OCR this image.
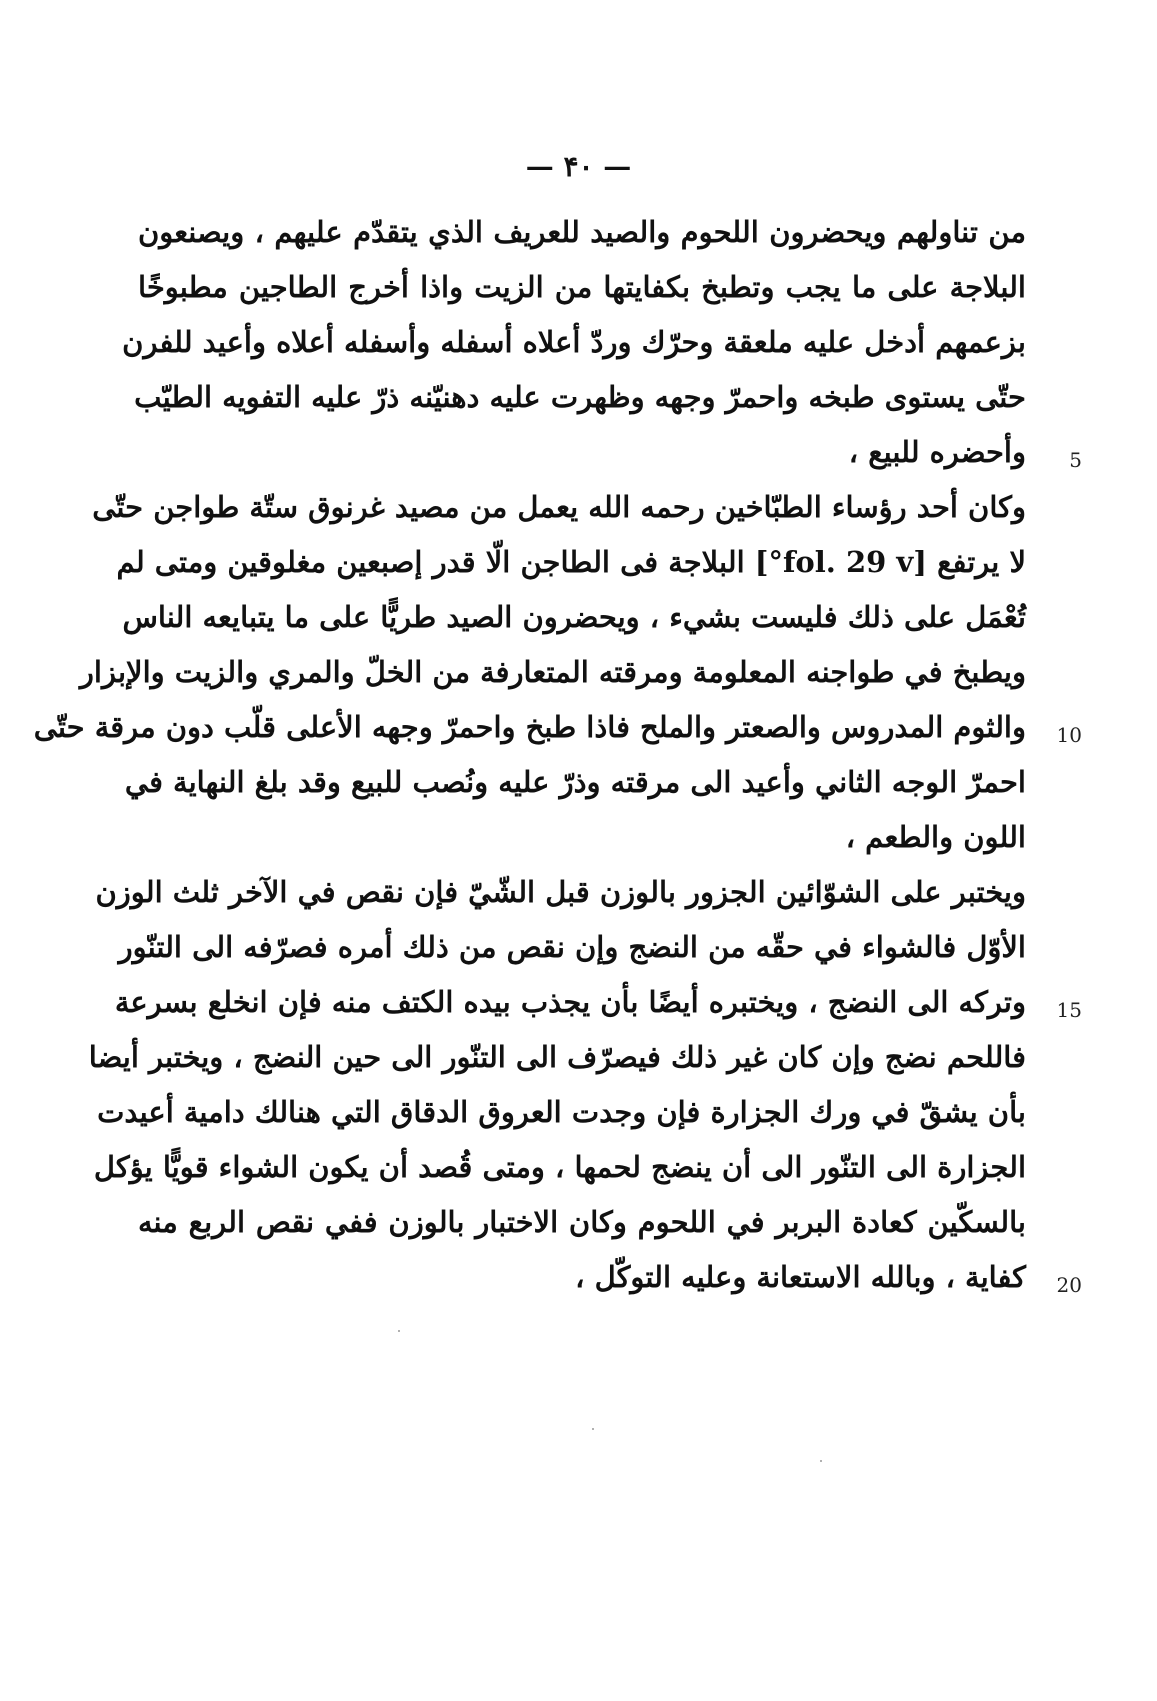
— ۴۰ —
من تناولهم ويحضرون اللحوم والصيد للعريف الذي يتقدّم عليهم ، ويصنعون
البلاجة على ما يجب وتطبخ بكفايتها من الزيت واذا أخرج الطاجين مطبوخًا
بزعمهم أدخل عليه ملعقة وحرّك وردّ أعلاه أسفله وأسفله أعلاه وأعيد للفرن
حتّى يستوى طبخه واحمرّ وجهه وظهرت عليه دهنيّنه ذرّ عليه التفويه الطيّب
وأحضره للبيع ،
وكان أحد رؤساء الطبّاخين رحمه الله يعمل من مصيد غرنوق ستّة طواجن حتّى
لا يرتفع [fol. 29 v°] البلاجة فى الطاجن الّا قدر إصبعين مغلوقين ومتى لم
تُعْمَل على ذلك فليست بشيء ، ويحضرون الصيد طريًّا على ما يتبايعه الناس
ويطبخ في طواجنه المعلومة ومرقته المتعارفة من الخلّ والمري والزيت والإبزار
والثوم المدروس والصعتر والملح فاذا طبخ واحمرّ وجهه الأعلى قلّب دون مرقة حتّى
احمرّ الوجه الثاني وأعيد الى مرقته وذرّ عليه ونُصب للبيع وقد بلغ النهاية في
اللون والطعم ،
ويختبر على الشوّائين الجزور بالوزن قبل الشّيّ فإن نقص في الآخر ثلث الوزن
الأوّل فالشواء في حقّه من النضج وإن نقص من ذلك أمره فصرّفه الى التنّور
وتركه الى النضج ، ويختبره أيضًا بأن يجذب بيده الكتف منه فإن انخلع بسرعة
فاللحم نضج وإن كان غير ذلك فيصرّف الى التنّور الى حين النضج ، ويختبر أيضا
بأن يشقّ في ورك الجزارة فإن وجدت العروق الدقاق التي هنالك دامية أعيدت
الجزارة الى التنّور الى أن ينضج لحمها ، ومتى قُصد أن يكون الشواء قويًّا يؤكل
بالسكّين كعادة البربر في اللحوم وكان الاختبار بالوزن ففي نقص الربع منه
كفاية ، وبالله الاستعانة وعليه التوكّل ،
5
10
15
20
